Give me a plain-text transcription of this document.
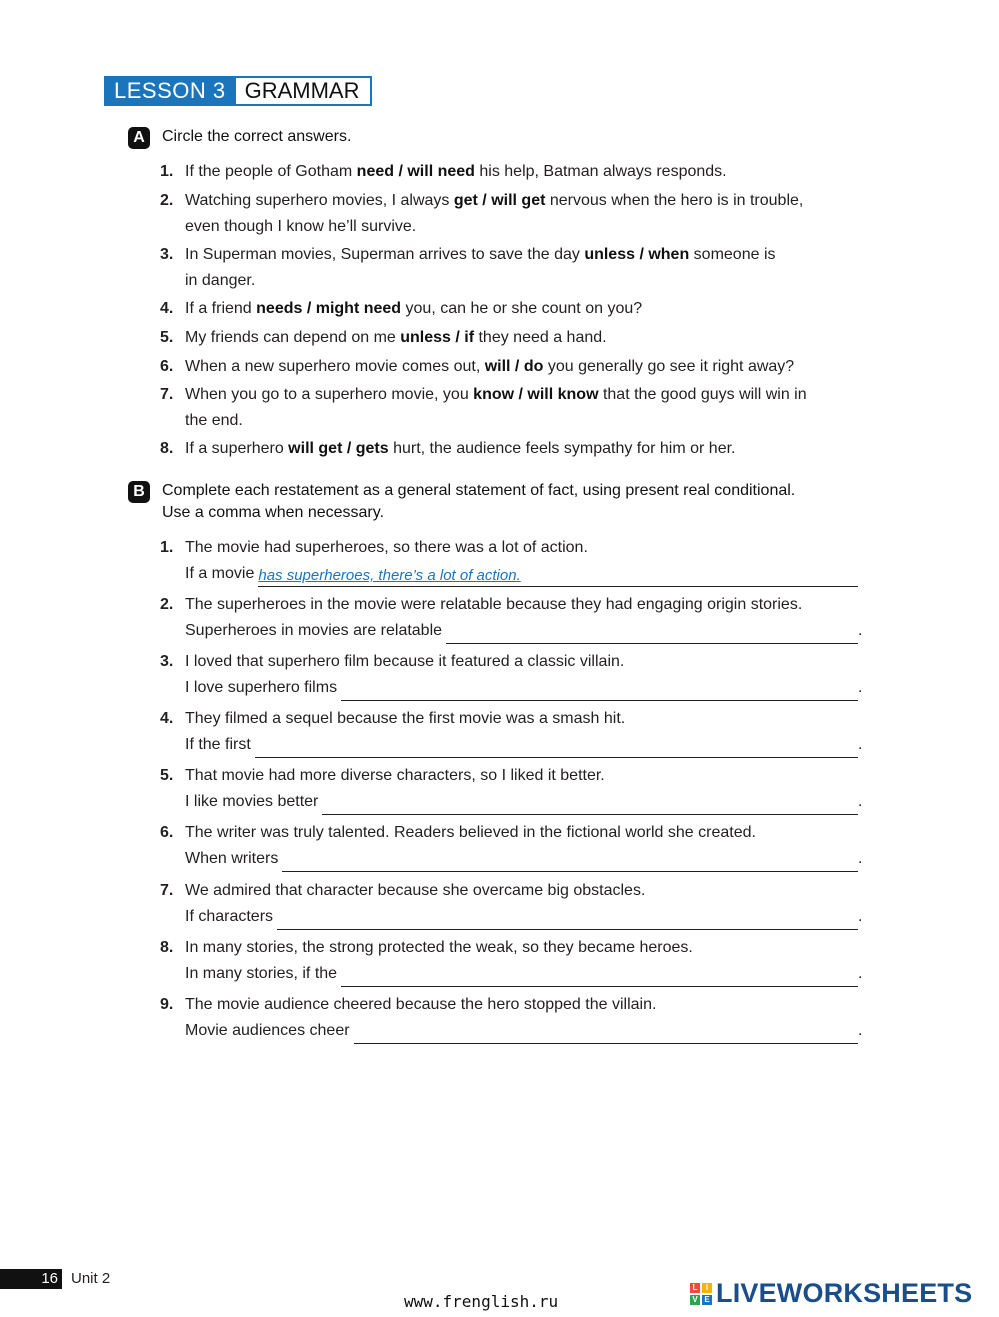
LESSON 3 GRAMMAR
A	Circle the correct answers.
1. If the people of Gotham need / will need his help, Batman always responds.
2. Watching superhero movies, I always get / will get nervous when the hero is in trouble,
even though I know he’ll survive.
3. In Superman movies, Superman arrives to save the day unless / when someone is
in danger.
4. If a friend needs / might need you, can he or she count on you?
5. My friends can depend on me unless / if they need a hand.
6. When a new superhero movie comes out, will / do you generally go see it right away?
7. When you go to a superhero movie, you know / will know that the good guys will win in
the end.
8. If a superhero will get / gets hurt, the audience feels sympathy for him or her.
B	Complete each restatement as a general statement of fact, using present real conditional.
Use a comma when necessary.
1. The movie had superheroes, so there was a lot of action.
If a movie has superheroes, there’s a lot of action.
2. The superheroes in the movie were relatable because they had engaging origin stories.
Superheroes in movies are relatable	.
3. I loved that superhero film because it featured a classic villain.
I love superhero films	.
4. They filmed a sequel because the first movie was a smash hit.
If the first	.
5. That movie had more diverse characters, so I liked it better.
I like movies better	.
6. The writer was truly talented. Readers believed in the fictional world she created.
When writers	.
7. We admired that character because she overcame big obstacles.
If characters	.
8. In many stories, the strong protected the weak, so they became heroes.
In many stories, if the	.
9. The movie audience cheered because the hero stopped the villain.
Movie audiences cheer	.
16 Unit 2
www.frenglish.ru
L	I
V E LIVEWORKSHEETS
